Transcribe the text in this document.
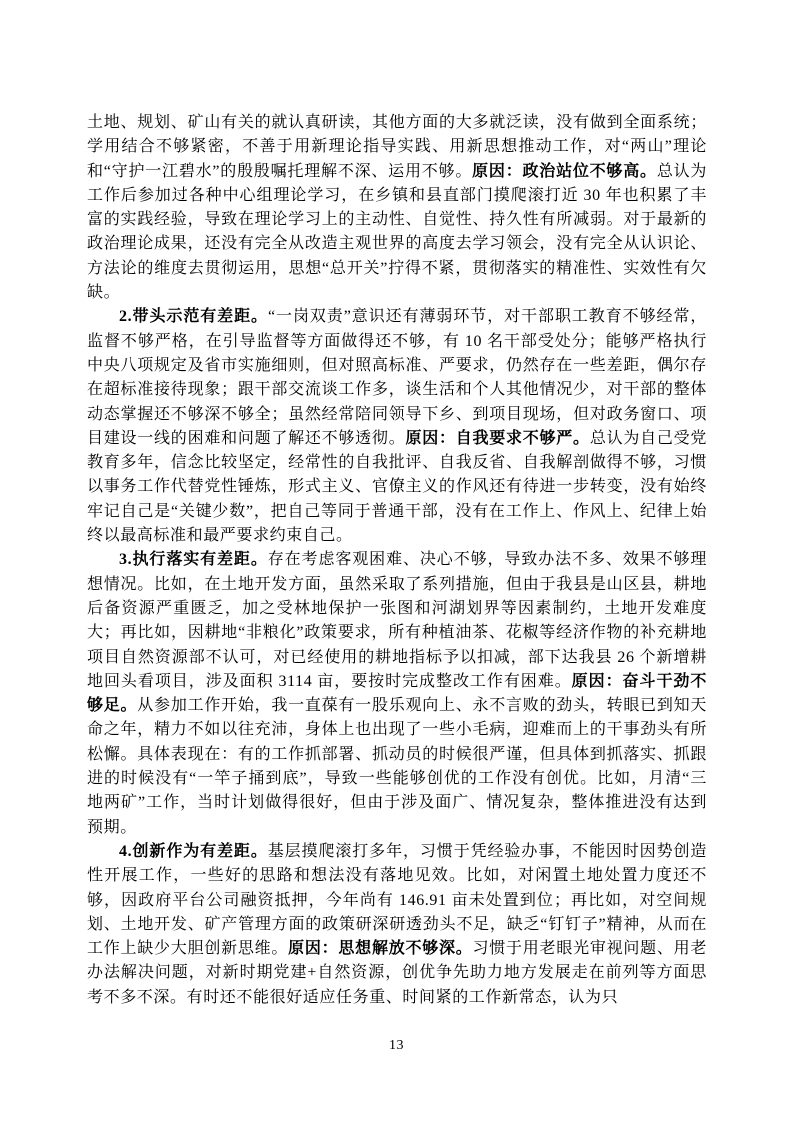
土地、规划、矿山有关的就认真研读，其他方面的大多就泛读，没有做到全面系统；学用结合不够紧密，不善于用新理论指导实践、用新思想推动工作，对“两山”理论和“守护一江碧水”的殷殷嘱托理解不深、运用不够。原因：政治站位不够高。总认为工作后参加过各种中心组理论学习，在乡镇和县直部门摸爬滚打近 30 年也积累了丰富的实践经验，导致在理论学习上的主动性、自觉性、持久性有所减弱。对于最新的政治理论成果，还没有完全从改造主观世界的高度去学习领会，没有完全从认识论、方法论的维度去贯彻运用，思想“总开关”拧得不紧，贯彻落实的精准性、实效性有欠缺。

2.带头示范有差距。“一岗双责”意识还有薄弱环节，对干部职工教育不够经常，监督不够严格，在引导监督等方面做得还不够，有 10 名干部受处分；能够严格执行中央八项规定及省市实施细则，但对照高标准、严要求，仍然存在一些差距，偶尔存在超标准接待现象；跟干部交流谈工作多，谈生活和个人其他情况少，对干部的整体动态掌握还不够深不够全；虽然经常陪同领导下乡、到项目现场，但对政务窗口、项目建设一线的困难和问题了解还不够透彻。原因：自我要求不够严。总认为自己受党教育多年，信念比较坚定，经常性的自我批评、自我反省、自我解剖做得不够，习惯以事务工作代替党性锤炼，形式主义、官僚主义的作风还有待进一步转变，没有始终牢记自己是“关键少数”，把自己等同于普通干部，没有在工作上、作风上、纪律上始终以最高标准和最严要求约束自己。

3.执行落实有差距。存在考虑客观困难、决心不够，导致办法不多、效果不够理想情况。比如，在土地开发方面，虽然采取了系列措施，但由于我县是山区县，耕地后备资源严重匮乏，加之受林地保护一张图和河湖划界等因素制约，土地开发难度大；再比如，因耕地“非粮化”政策要求，所有种植油茶、花椒等经济作物的补充耕地项目自然资源部不认可，对已经使用的耕地指标予以扣减，部下达我县 26 个新增耕地回头看项目，涉及面积 3114 亩，要按时完成整改工作有困难。原因：奋斗干劲不够足。从参加工作开始，我一直葆有一股乐观向上、永不言败的劲头，转眼已到知天命之年，精力不如以往充沛，身体上也出现了一些小毛病，迎难而上的干事劲头有所松懈。具体表现在：有的工作抓部署、抓动员的时候很严谨，但具体到抓落实、抓跟进的时候没有“一竿子捅到底”，导致一些能够创优的工作没有创优。比如，月清“三地两矿”工作，当时计划做得很好，但由于涉及面广、情况复杂，整体推进没有达到预期。

4.创新作为有差距。基层摸爬滚打多年，习惯于凭经验办事，不能因时因势创造性开展工作，一些好的思路和想法没有落地见效。比如，对闲置土地处置力度还不够，因政府平台公司融资抵押，今年尚有 146.91 亩未处置到位；再比如，对空间规划、土地开发、矿产管理方面的政策研深研透劲头不足，缺乏“钉钉子”精神，从而在工作上缺少大胆创新思维。原因：思想解放不够深。习惯于用老眼光审视问题、用老办法解决问题，对新时期党建+自然资源，创优争先助力地方发展走在前列等方面思考不多不深。有时还不能很好适应任务重、时间紧的工作新常态，认为只

13
